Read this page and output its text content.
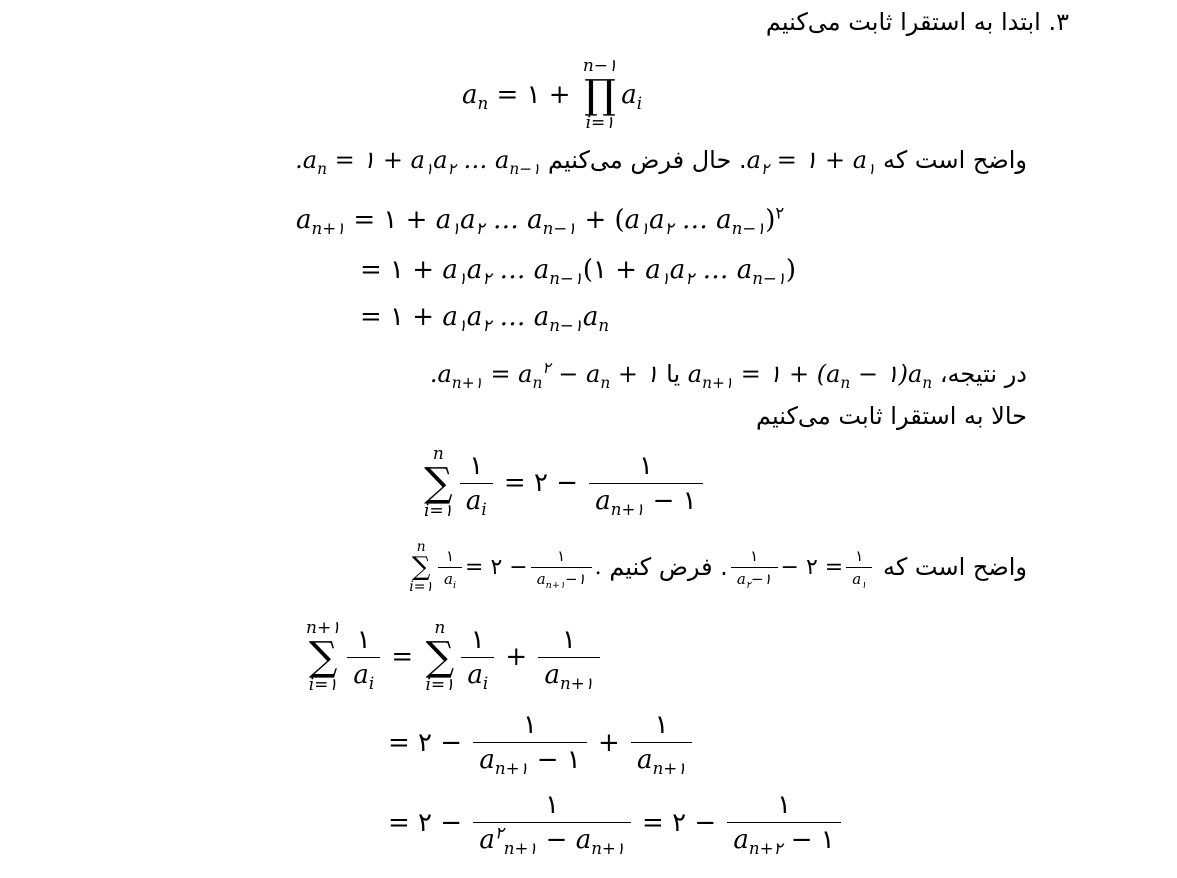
۳. ابتدا به استقرا ثابت می‌کنیم
$a_n$ = ۱ +
n−۱
∏
i=۱
$a_i$
واضح است که $a_۲$ = ۱ + $a_۱$. حال فرض می‌کنیم $.a_n$ = ۱ + $a_۱a_۲$ … $a_{n-۱}$
$a_{n+۱}$ = ۱ + $a_۱a_۲$ … $a_{n-۱} + (a_۱a_۲$ … $a_{n-۱})^۲$
= ۱ + $a_۱a_۲$ … $a_{n-۱}(۱ + a_۱a_۲$ … $a_{n-۱}$)
= ۱ + $a_۱a_۲$ … $a_{n-۱}a_n$
در نتیجه، $a_{n+۱}$ = ۱ + ($a_n$ − $۱)a_n$ یا $.a_{n+۱} = a_n^۲ - a_n$ + ۱
حالا به استقرا ثابت می‌کنیم
n
∑
i=۱ $\frac{۱}{a_i}$ = ۲ − $\frac{۱}{a_{n+۱} - ۱}$
واضح است که

$\frac{۱}{a_۲-۱}$ − ۲ = $\frac{۱}{a_۱}$
. فرض کنیم

n
∑
i=۱ $\frac{۱}{a_i}$ = ۲ − $\frac{۱}{a_{n+۱}-۱}$ .
n+۱
∑
i=۱ $\frac{۱}{a_i}$ =
n
∑
i=۱ $\frac{۱}{a_i} + \frac{۱}{a_{n+۱}}$
= ۲ − $\frac{۱}{a_{n+۱} - ۱} + \frac{۱}{a_{n+۱}}$
= ۲ − $\frac{۱}{a^۲_{n+۱} - a_{n+۱}}$ = ۲ − $\frac{۱}{a_{n+۲} - ۱}$
